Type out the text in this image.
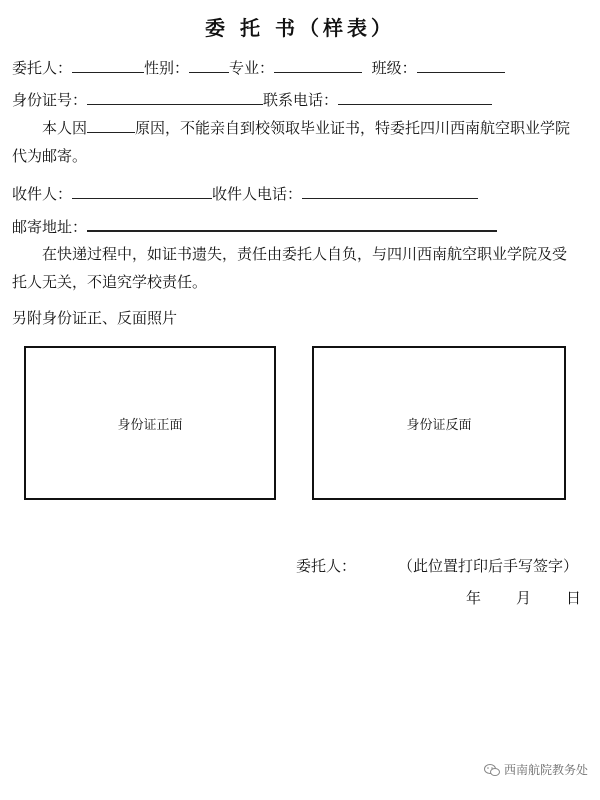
委 托 书（样表）
委托人：	性别：	专业：	班级：
身份证号：	联系电话：
本人因	原因，不能亲自到校领取毕业证书，特委托四川西南航空职业学院代为邮寄。
收件人：	收件人电话：
邮寄地址：
在快递过程中，如证书遗失，责任由委托人自负，与四川西南航空职业学院及受托人无关，不追究学校责任。
另附身份证正、反面照片
身份证正面	身份证反面
委托人：	（此位置打印后手写签字）
年 月 日
西南航院教务处
